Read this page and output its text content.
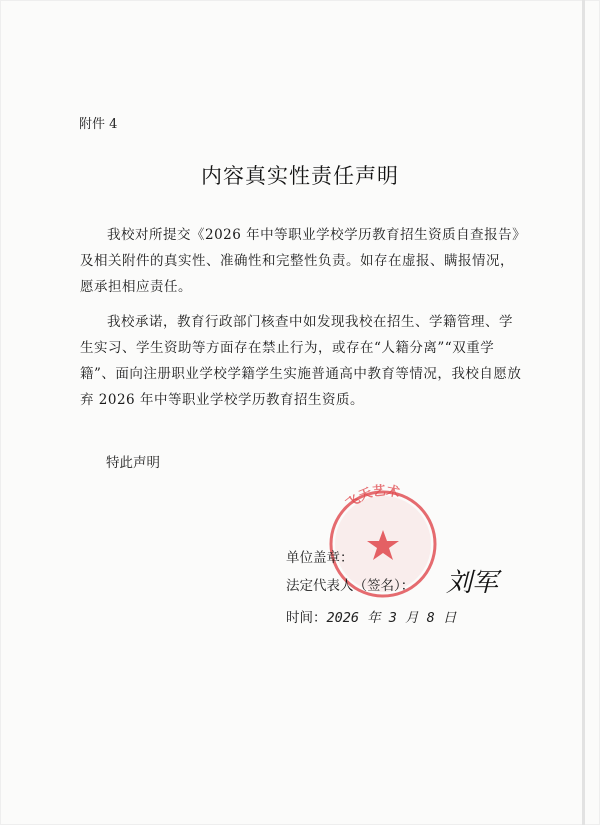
附件 4
内容真实性责任声明

我校对所提交《2026 年中等职业学校学历教育招生资质自查报告》及相关附件的真实性、准确性和完整性负责。如存在虚报、瞒报情况，愿承担相应责任。

我校承诺，教育行政部门核查中如发现我校在招生、学籍管理、学生实习、学生资助等方面存在禁止行为，或存在“人籍分离”“双重学籍”、面向注册职业学校学籍学生实施普通高中教育等情况，我校自愿放弃 2026 年中等职业学校学历教育招生资质。

特此声明
飞天艺术
单位盖章：
法定代表人（签名）： 刘军
时间：2026 年 3 月 8 日
